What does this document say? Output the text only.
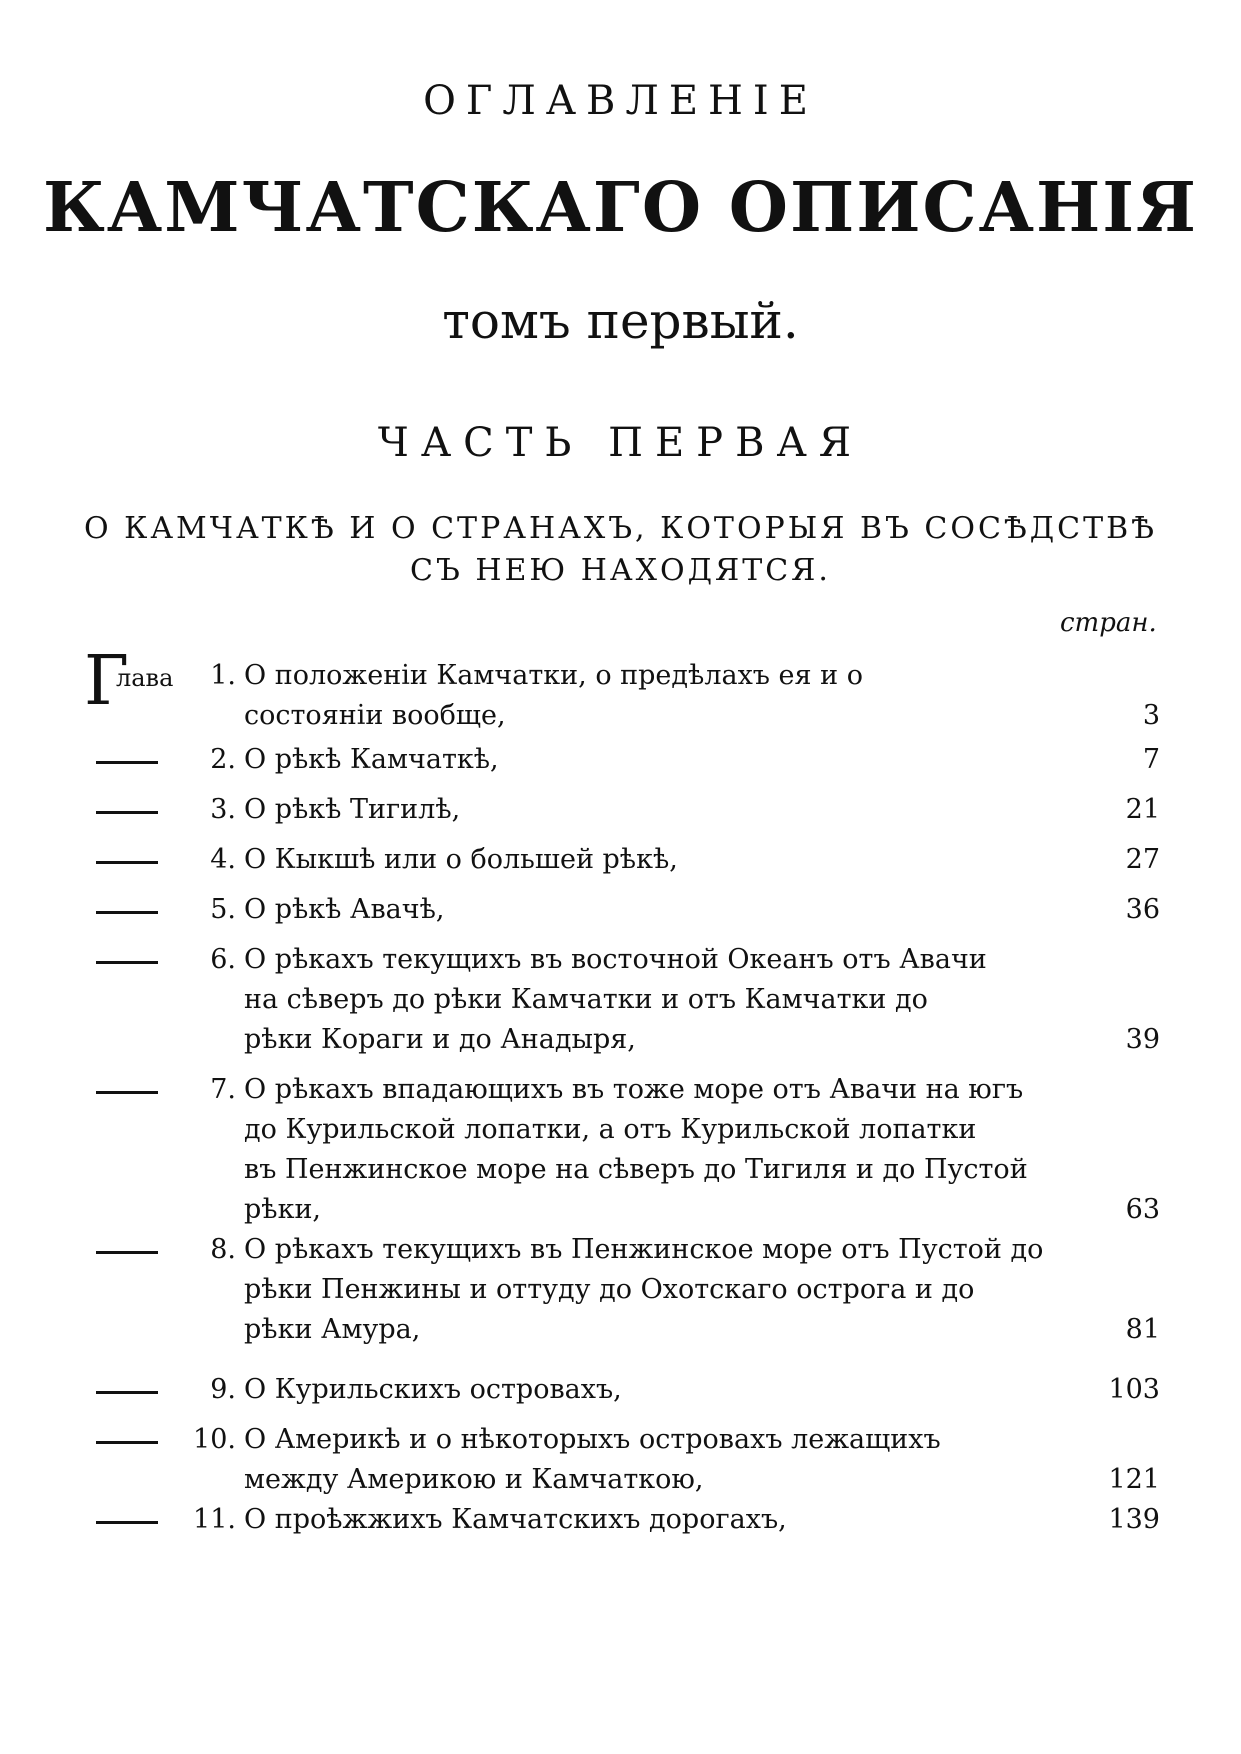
ОГЛАВЛЕНІЕ
КАМЧАТСКАГО ОПИСАНІЯ
томъ первый.
ЧАСТЬ ПЕРВАЯ
О КАМЧАТКѢ И О СТРАНАХЪ, КОТОРЫЯ ВЪ СОСѢДСТВѢ
СЪ НЕЮ НАХОДЯТСЯ.
стран.
Г
лава	1. О положеніи Камчатки, о предѣлахъ ея и о
состояніи вообще,	3
2. О рѣкѣ Камчаткѣ,	7
3. О рѣкѣ Тигилѣ,	21
4. О Кыкшѣ или о большей рѣкѣ,	27
5. О рѣкѣ Авачѣ,	36
6. О рѣкахъ текущихъ въ восточной Океанъ отъ Авачи
на сѣверъ до рѣки Камчатки и отъ Камчатки до
рѣки Кораги и до Анадыря,	39
7. О рѣкахъ впадающихъ въ тоже море отъ Авачи на югъ
до Курильской лопатки, а отъ Курильской лопатки
въ Пенжинское море на сѣверъ до Тигиля и до Пустой
рѣки,	63
8. О рѣкахъ текущихъ въ Пенжинское море отъ Пустой до
рѣки Пенжины и оттуду до Охотскаго острога и до
рѣки Амура,	81
9. О Курильскихъ островахъ,	103
10. О Америкѣ и о нѣкоторыхъ островахъ лежащихъ
между Америкою и Камчаткою,	121
11. О проѣжжихъ Камчатскихъ дорогахъ,	139
